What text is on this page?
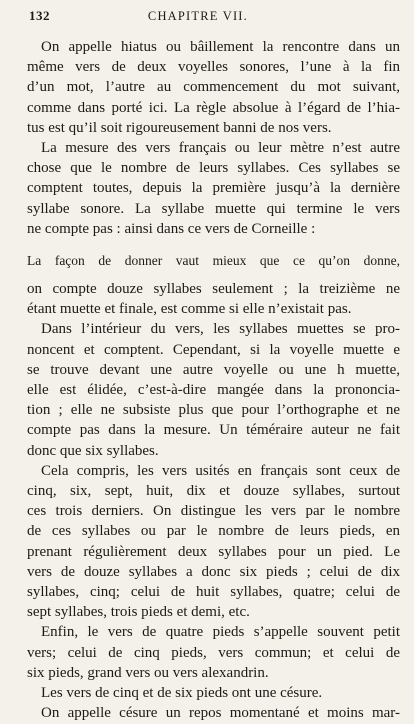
132	CHAPITRE VII.
On appelle hiatus ou bâillement la rencontre dans un
même vers de deux voyelles sonores, l’une à la fin
d’un mot, l’autre au commencement du mot suivant,
comme dans porté ici. La règle absolue à l’égard de l’hia-
tus est qu’il soit rigoureusement banni de nos vers.
La mesure des vers français ou leur mètre n’est autre
chose que le nombre de leurs syllabes. Ces syllabes se
comptent toutes, depuis la première jusqu’à la dernière
syllabe sonore. La syllabe muette qui termine le vers
ne compte pas : ainsi dans ce vers de Corneille :
La façon de donner vaut mieux que ce qu’on donne,
on compte douze syllabes seulement ; la treizième ne
étant muette et finale, est comme si elle n’existait pas.
Dans l’intérieur du vers, les syllabes muettes se pro-
noncent et comptent. Cependant, si la voyelle muette e
se trouve devant une autre voyelle ou une h muette,
elle est élidée, c’est-à-dire mangée dans la prononcia-
tion ; elle ne subsiste plus que pour l’orthographe et ne
compte pas dans la mesure. Un téméraire auteur ne fait
donc que six syllabes.
Cela compris, les vers usités en français sont ceux de
cinq, six, sept, huit, dix et douze syllabes, surtout
ces trois derniers. On distingue les vers par le nombre
de ces syllabes ou par le nombre de leurs pieds, en
prenant régulièrement deux syllabes pour un pied. Le
vers de douze syllabes a donc six pieds ; celui de dix
syllabes, cinq; celui de huit syllabes, quatre; celui de
sept syllabes, trois pieds et demi, etc.
Enfin, le vers de quatre pieds s’appelle souvent petit
vers; celui de cinq pieds, vers commun; et celui de
six pieds, grand vers ou vers alexandrin.
Les vers de cinq et de six pieds ont une césure.
On appelle césure un repos momentané et moins mar-
